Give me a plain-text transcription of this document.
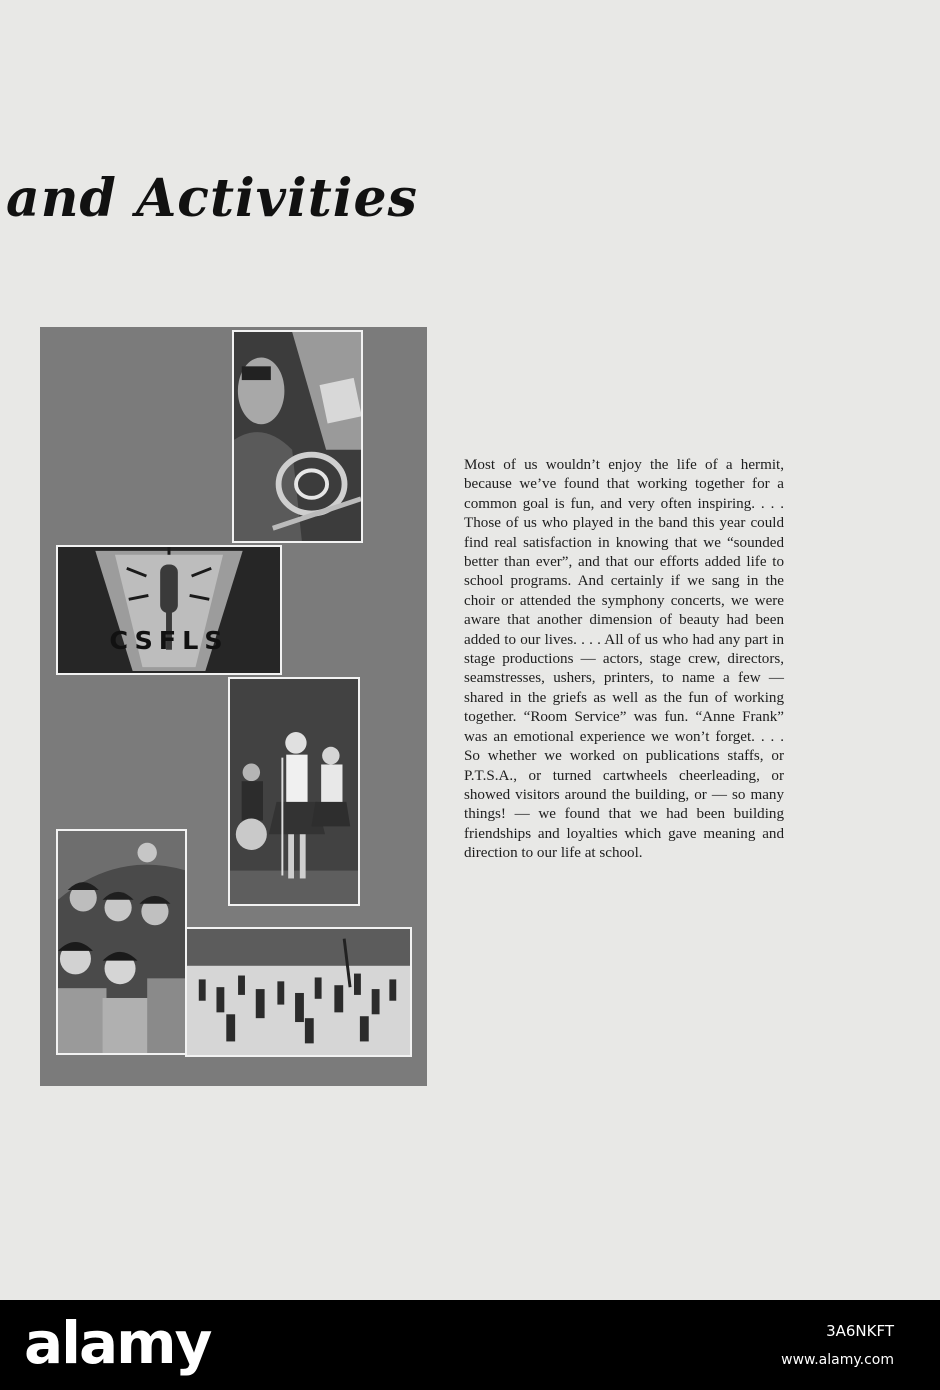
and Activities
CSFLS

Most of us wouldn’t enjoy the life of a hermit, because we’ve found that working together for a common goal is fun, and very often inspiring. . . . Those of us who played in the band this year could find real satisfaction in knowing that we “sounded better than ever”, and that our efforts added life to school programs. And certainly if we sang in the choir or attended the symphony concerts, we were aware that another dimension of beauty had been added to our lives. . . . All of us who had any part in stage productions — actors, stage crew, directors, seamstresses, ushers, printers, to name a few — shared in the griefs as well as the fun of working together. “Room Service” was fun. “Anne Frank” was an emotional experience we won’t forget. . . . So whether we worked on publications staffs, or P.T.S.A., or turned cartwheels cheerleading, or showed visitors around the building, or — so many things! — we found that we had been building friendships and loyalties which gave meaning and direction to our life at school.

alamy	3A6NKFT

www.alamy.com
